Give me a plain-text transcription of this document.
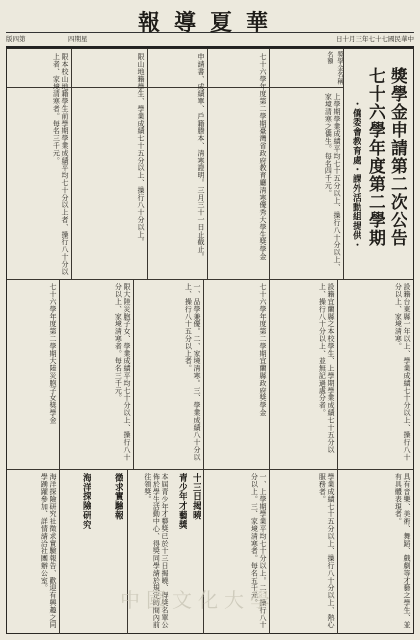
報導夏華
版四第	四期星	日十月三年七十七國民華中
七十六學年度第二學期 獎學金申請第二次公告
・僑委會教育處・課外活動組提供・
獎學金名稱
名額
限本校山地籍學生前學期學業成績平均七十分以上者、操行八十分以上者、家境清寒者。每名三千元。	限山地籍學生、學業成績七十五分以上、操行八十分以上。	申請書、成績單、戶籍謄本、清寒證明。三月三十一日止截止。	七十六學年度第二學期臺灣省政府教育廳清寒優秀大學生獎學金	上學期學業成績平均七十五分以上、操行八十分以上、家境清寒之僑生。每名四千元。
七十六學年度第二學期大陸災胞子女獎學金	限大陸災胞子女、學業成績平均七十分以上、操行八十分以上、家境清寒者。每名三千元。	一、品學兼優。二、家境清寒。三、學業成績八十分以上、操行八十五分以上者。	七十六學年度第二學期宜蘭縣政府獎學金	設籍宜蘭縣之本校學生、上學期學業成績七十五分以上、操行八十分以上、並無記過處分者。	設籍台東縣一年以上、學業成績七十分以上、操行八十分以上、家境清寒。
海洋探險研究社徵求實驗報告、歡迎有興趣之同學踴躍參加、詳情請洽社團辦公室。	海洋探險研究	徵求實驗報	本屆青少年才藝獎已於十三日揭曉、得獎名單公佈於學生活動中心、得獎同學請於規定時間內前往領獎。	青少年才藝獎 十三日揭曉	一、上學期學業平均七十分以上。二、操行八十分以上。三、家境清寒者。每名五千元。	學業成績七十五分以上、操行八十分以上、熱心服務者。	具有音樂、美術、舞蹈、戲劇等才藝之學生、並有具體表現者。
中國文化大學
